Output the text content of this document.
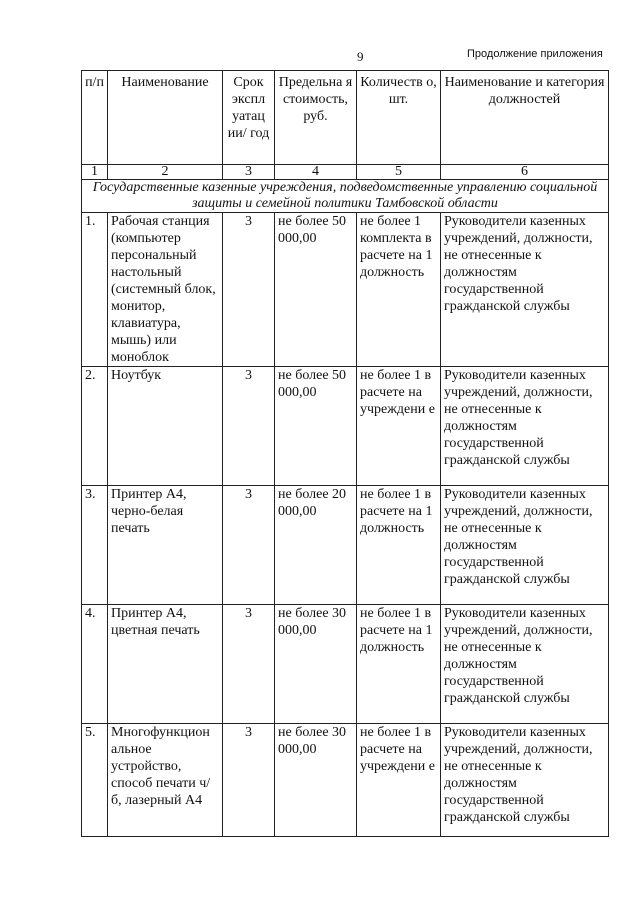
9	Продолжение приложения
п/п	Наименование	Срок экспл уатац ии/ год	Предельна я стоимость, руб.	Количеств о, шт.	Наименование и категория должностей
1	2	3	4	5	6
Государственные казенные учреждения, подведомственные управлению социальной защиты и семейной политики Тамбовской области					
1.	Рабочая станция (компьютер персональный настольный (системный блок, монитор, клавиатура, мышь) или моноблок	3	не более 50 000,00	не более 1 комплекта в расчете на 1 должность	Руководители казенных учреждений, должности, не отнесенные к должностям государственной гражданской службы
2.	Ноутбук	3	не более 50 000,00	не более 1 в расчете на учреждени е	Руководители казенных учреждений, должности, не отнесенные к должностям государственной гражданской службы
3.	Принтер А4, черно-белая печать	3	не более 20 000,00	не более 1 в расчете на 1 должность	Руководители казенных учреждений, должности, не отнесенные к должностям государственной гражданской службы
4.	Принтер А4, цветная печать	3	не более 30 000,00	не более 1 в расчете на 1 должность	Руководители казенных учреждений, должности, не отнесенные к должностям государственной гражданской службы
5.	Многофункцион альное устройство, способ печати ч/б, лазерный А4	3	не более 30 000,00	не более 1 в расчете на учреждени е	Руководители казенных учреждений, должности, не отнесенные к должностям государственной гражданской службы
